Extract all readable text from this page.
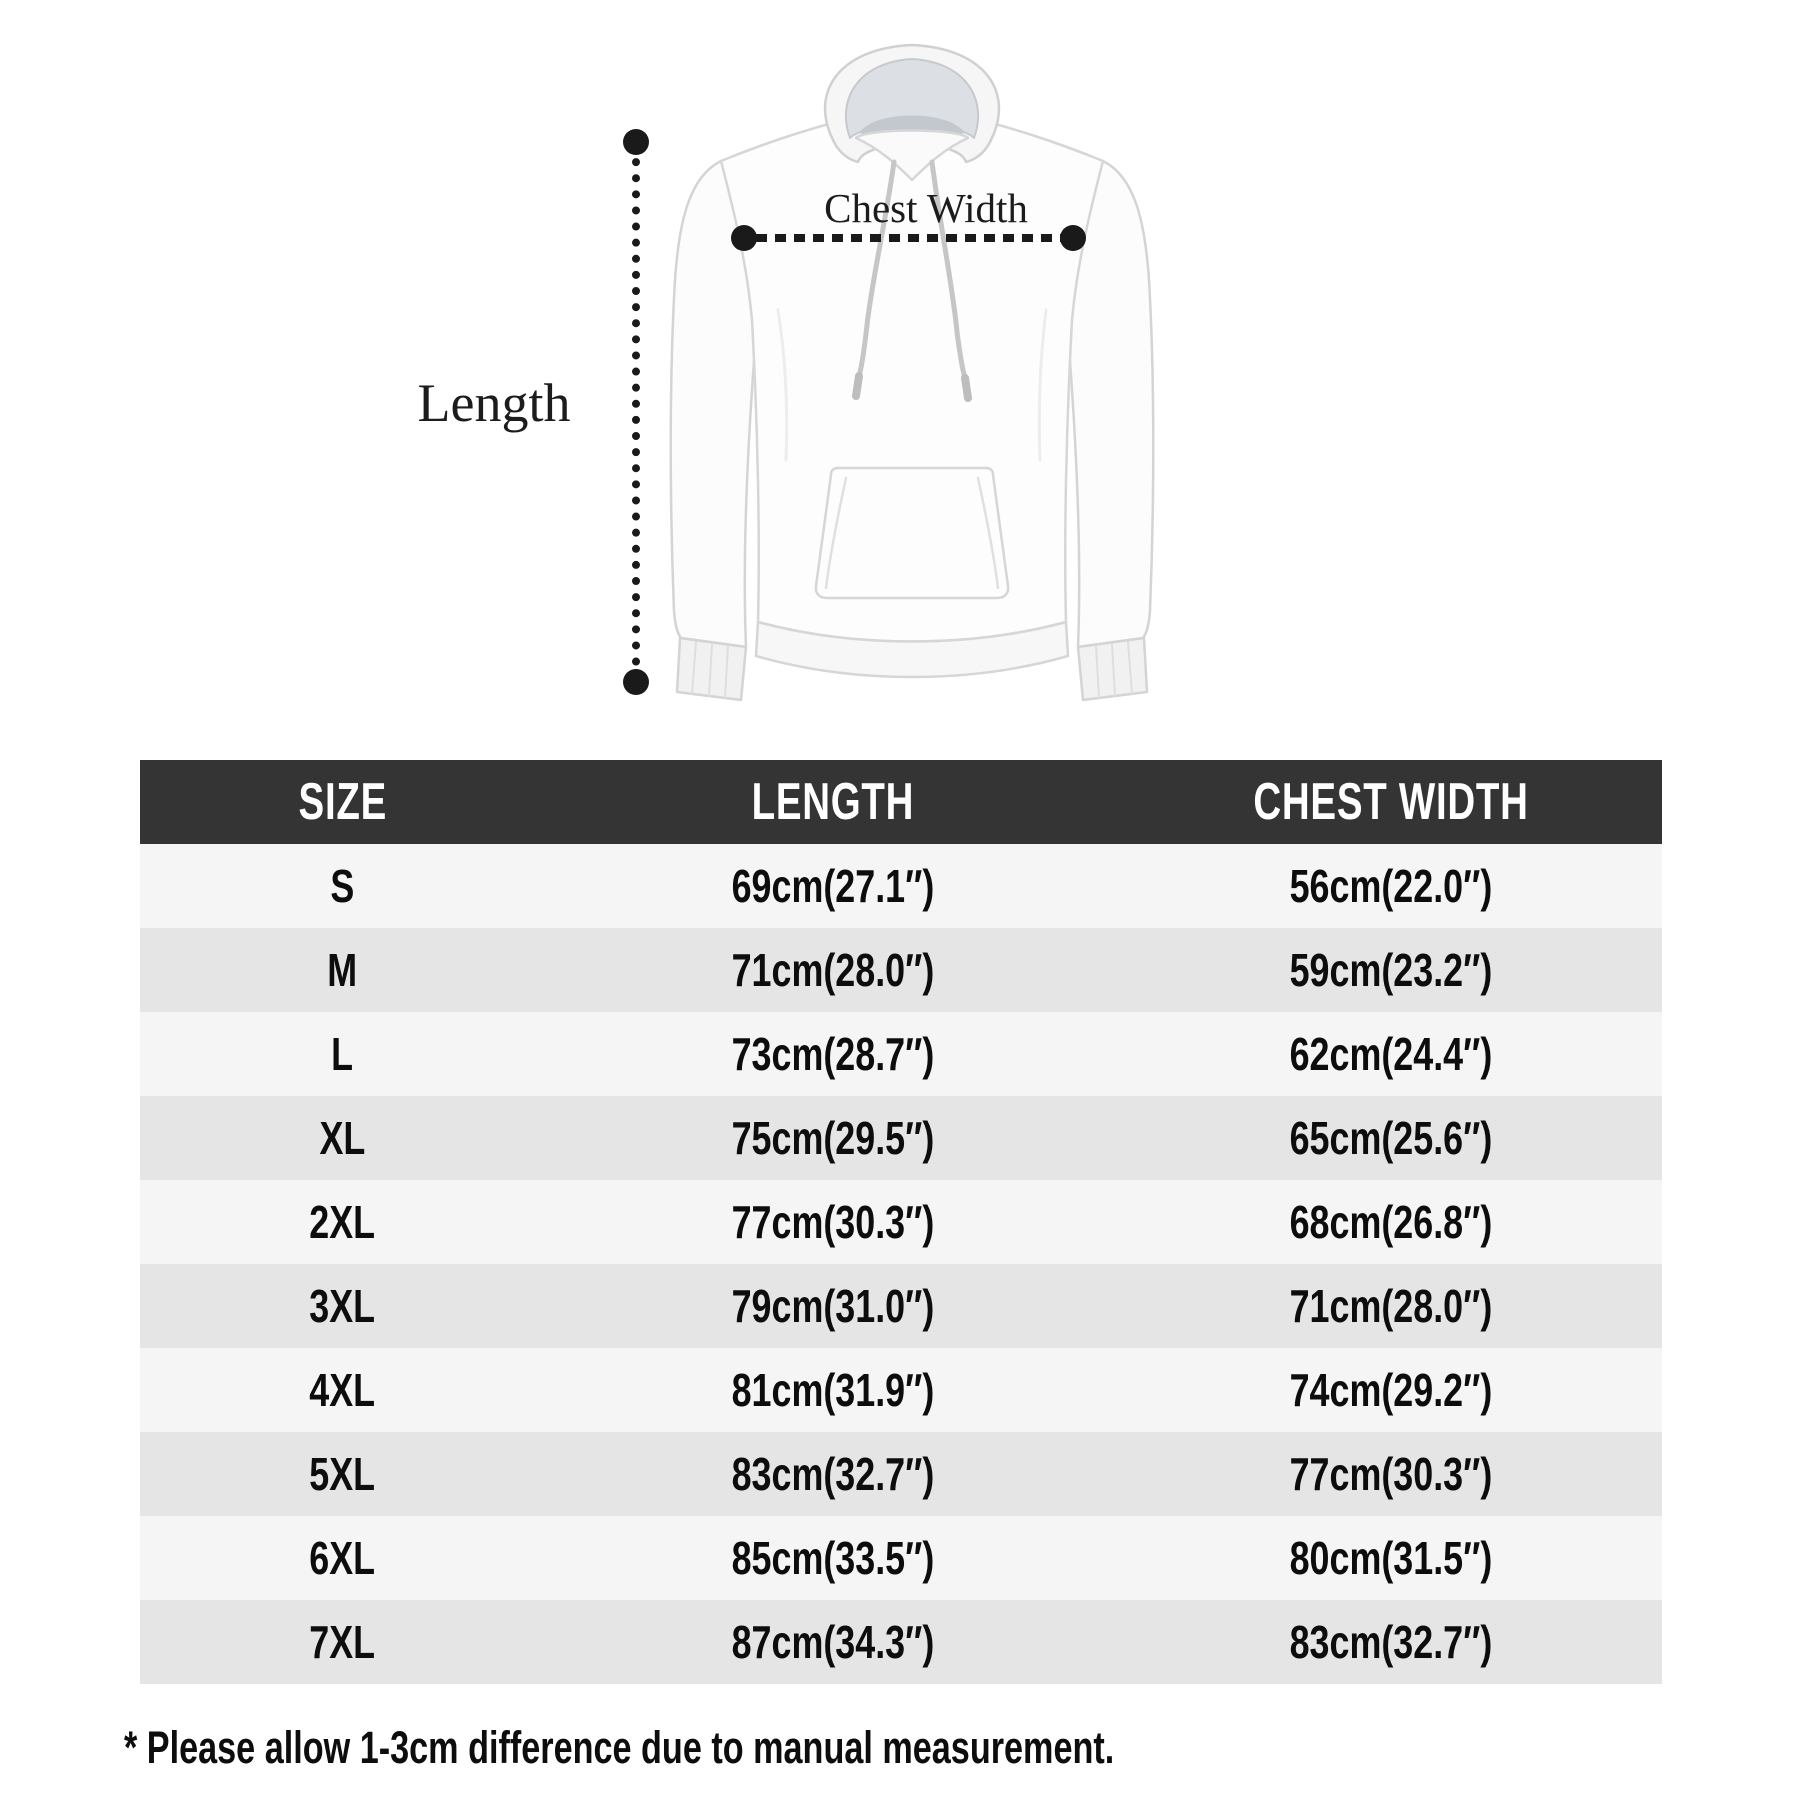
Length
Chest Width
SIZE	LENGTH	CHEST WIDTH
S	69cm(27.1″)	56cm(22.0″)
M	71cm(28.0″)	59cm(23.2″)
L	73cm(28.7″)	62cm(24.4″)
XL	75cm(29.5″)	65cm(25.6″)
2XL	77cm(30.3″)	68cm(26.8″)
3XL	79cm(31.0″)	71cm(28.0″)
4XL	81cm(31.9″)	74cm(29.2″)
5XL	83cm(32.7″)	77cm(30.3″)
6XL	85cm(33.5″)	80cm(31.5″)
7XL	87cm(34.3″)	83cm(32.7″)
* Please allow 1-3cm difference due to manual measurement.
